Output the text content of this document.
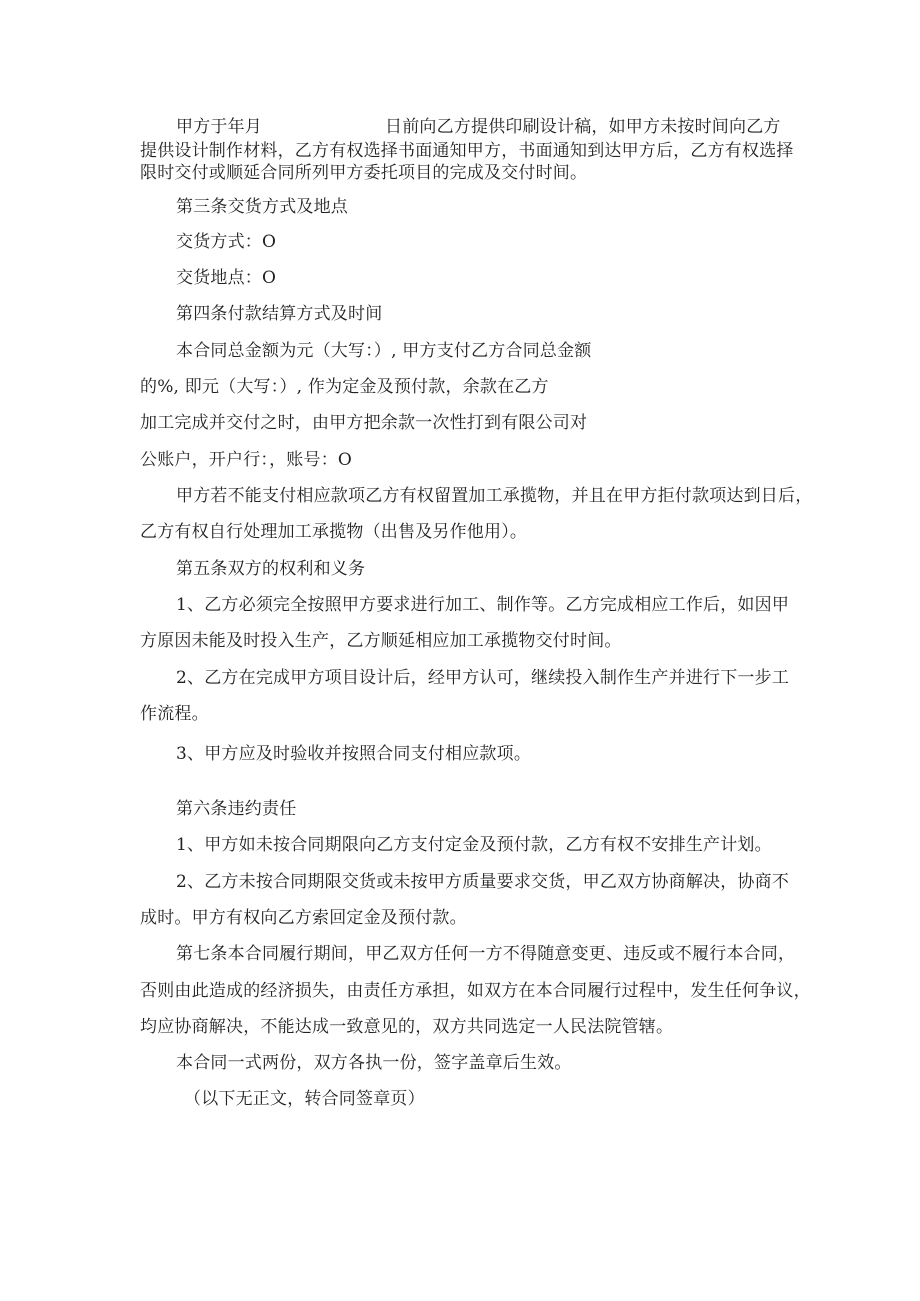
甲方于年月	日前向乙方提供印刷设计稿，如甲方未按时间向乙方
提供设计制作材料，乙方有权选择书面通知甲方，书面通知到达甲方后，乙方有权选择
限时交付或顺延合同所列甲方委托项目的完成及交付时间。
第三条交货方式及地点
交货方式：O
交货地点：O
第四条付款结算方式及时间
本合同总金额为元（大写：）, 甲方支付乙方合同总金额
的%, 即元（大写：）, 作为定金及预付款，余款在乙方
加工完成并交付之时，由甲方把余款一次性打到有限公司对
公账户，开户行：，账号：O
甲方若不能支付相应款项乙方有权留置加工承揽物，并且在甲方拒付款项达到日后，
乙方有权自行处理加工承揽物（出售及另作他用）。
第五条双方的权利和义务
1、乙方必须完全按照甲方要求进行加工、制作等。乙方完成相应工作后，如因甲
方原因未能及时投入生产，乙方顺延相应加工承揽物交付时间。
2、乙方在完成甲方项目设计后，经甲方认可，继续投入制作生产并进行下一步工
作流程。
3、甲方应及时验收并按照合同支付相应款项。
第六条违约责任
1、甲方如未按合同期限向乙方支付定金及预付款，乙方有权不安排生产计划。
2、乙方未按合同期限交货或未按甲方质量要求交货，甲乙双方协商解决，协商不
成时。甲方有权向乙方索回定金及预付款。
第七条本合同履行期间，甲乙双方任何一方不得随意变更、违反或不履行本合同，
否则由此造成的经济损失，由责任方承担，如双方在本合同履行过程中，发生任何争议，
均应协商解决，不能达成一致意见的，双方共同选定一人民法院管辖。
本合同一式两份，双方各执一份，签字盖章后生效。
（以下无正文，转合同签章页）
